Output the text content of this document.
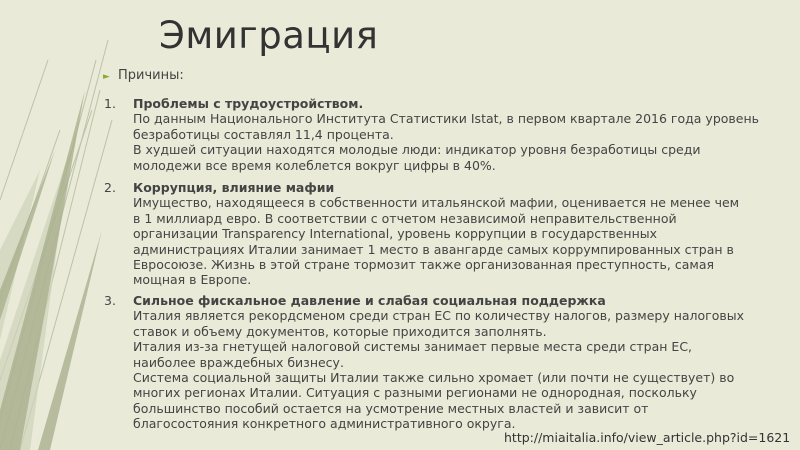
Эмиграция
► Причины:
1. Проблемы с трудоустройством.
По данным Национального Института Статистики Istat, в первом квартале 2016 года уровень
безработицы составлял 11,4 процента.
В худшей ситуации находятся молодые люди: индикатор уровня безработицы среди
молодежи все время колеблется вокруг цифры в 40%.
2. Коррупция, влияние мафии
Имущество, находящееся в собственности итальянской мафии, оценивается не менее чем
в 1 миллиард евро. В соответствии с отчетом независимой неправительственной
организации Transparency International, уровень коррупции в государственных
администрациях Италии занимает 1 место в авангарде самых коррумпированных стран в
Евросоюзе. Жизнь в этой стране тормозит также организованная преступность, самая
мощная в Европе.
3. Сильное фискальное давление и слабая социальная поддержка
Италия является рекордсменом среди стран ЕС по количеству налогов, размеру налоговых
ставок и объему документов, которые приходится заполнять.
Италия из-за гнетущей налоговой системы занимает первые места среди стран ЕС,
наиболее враждебных бизнесу.
Система социальной защиты Италии также сильно хромает (или почти не существует) во
многих регионах Италии. Ситуация с разными регионами не однородная, поскольку
большинство пособий остается на усмотрение местных властей и зависит от
благосостояния конкретного административного округа.
http://miaitalia.info/view_article.php?id=1621
